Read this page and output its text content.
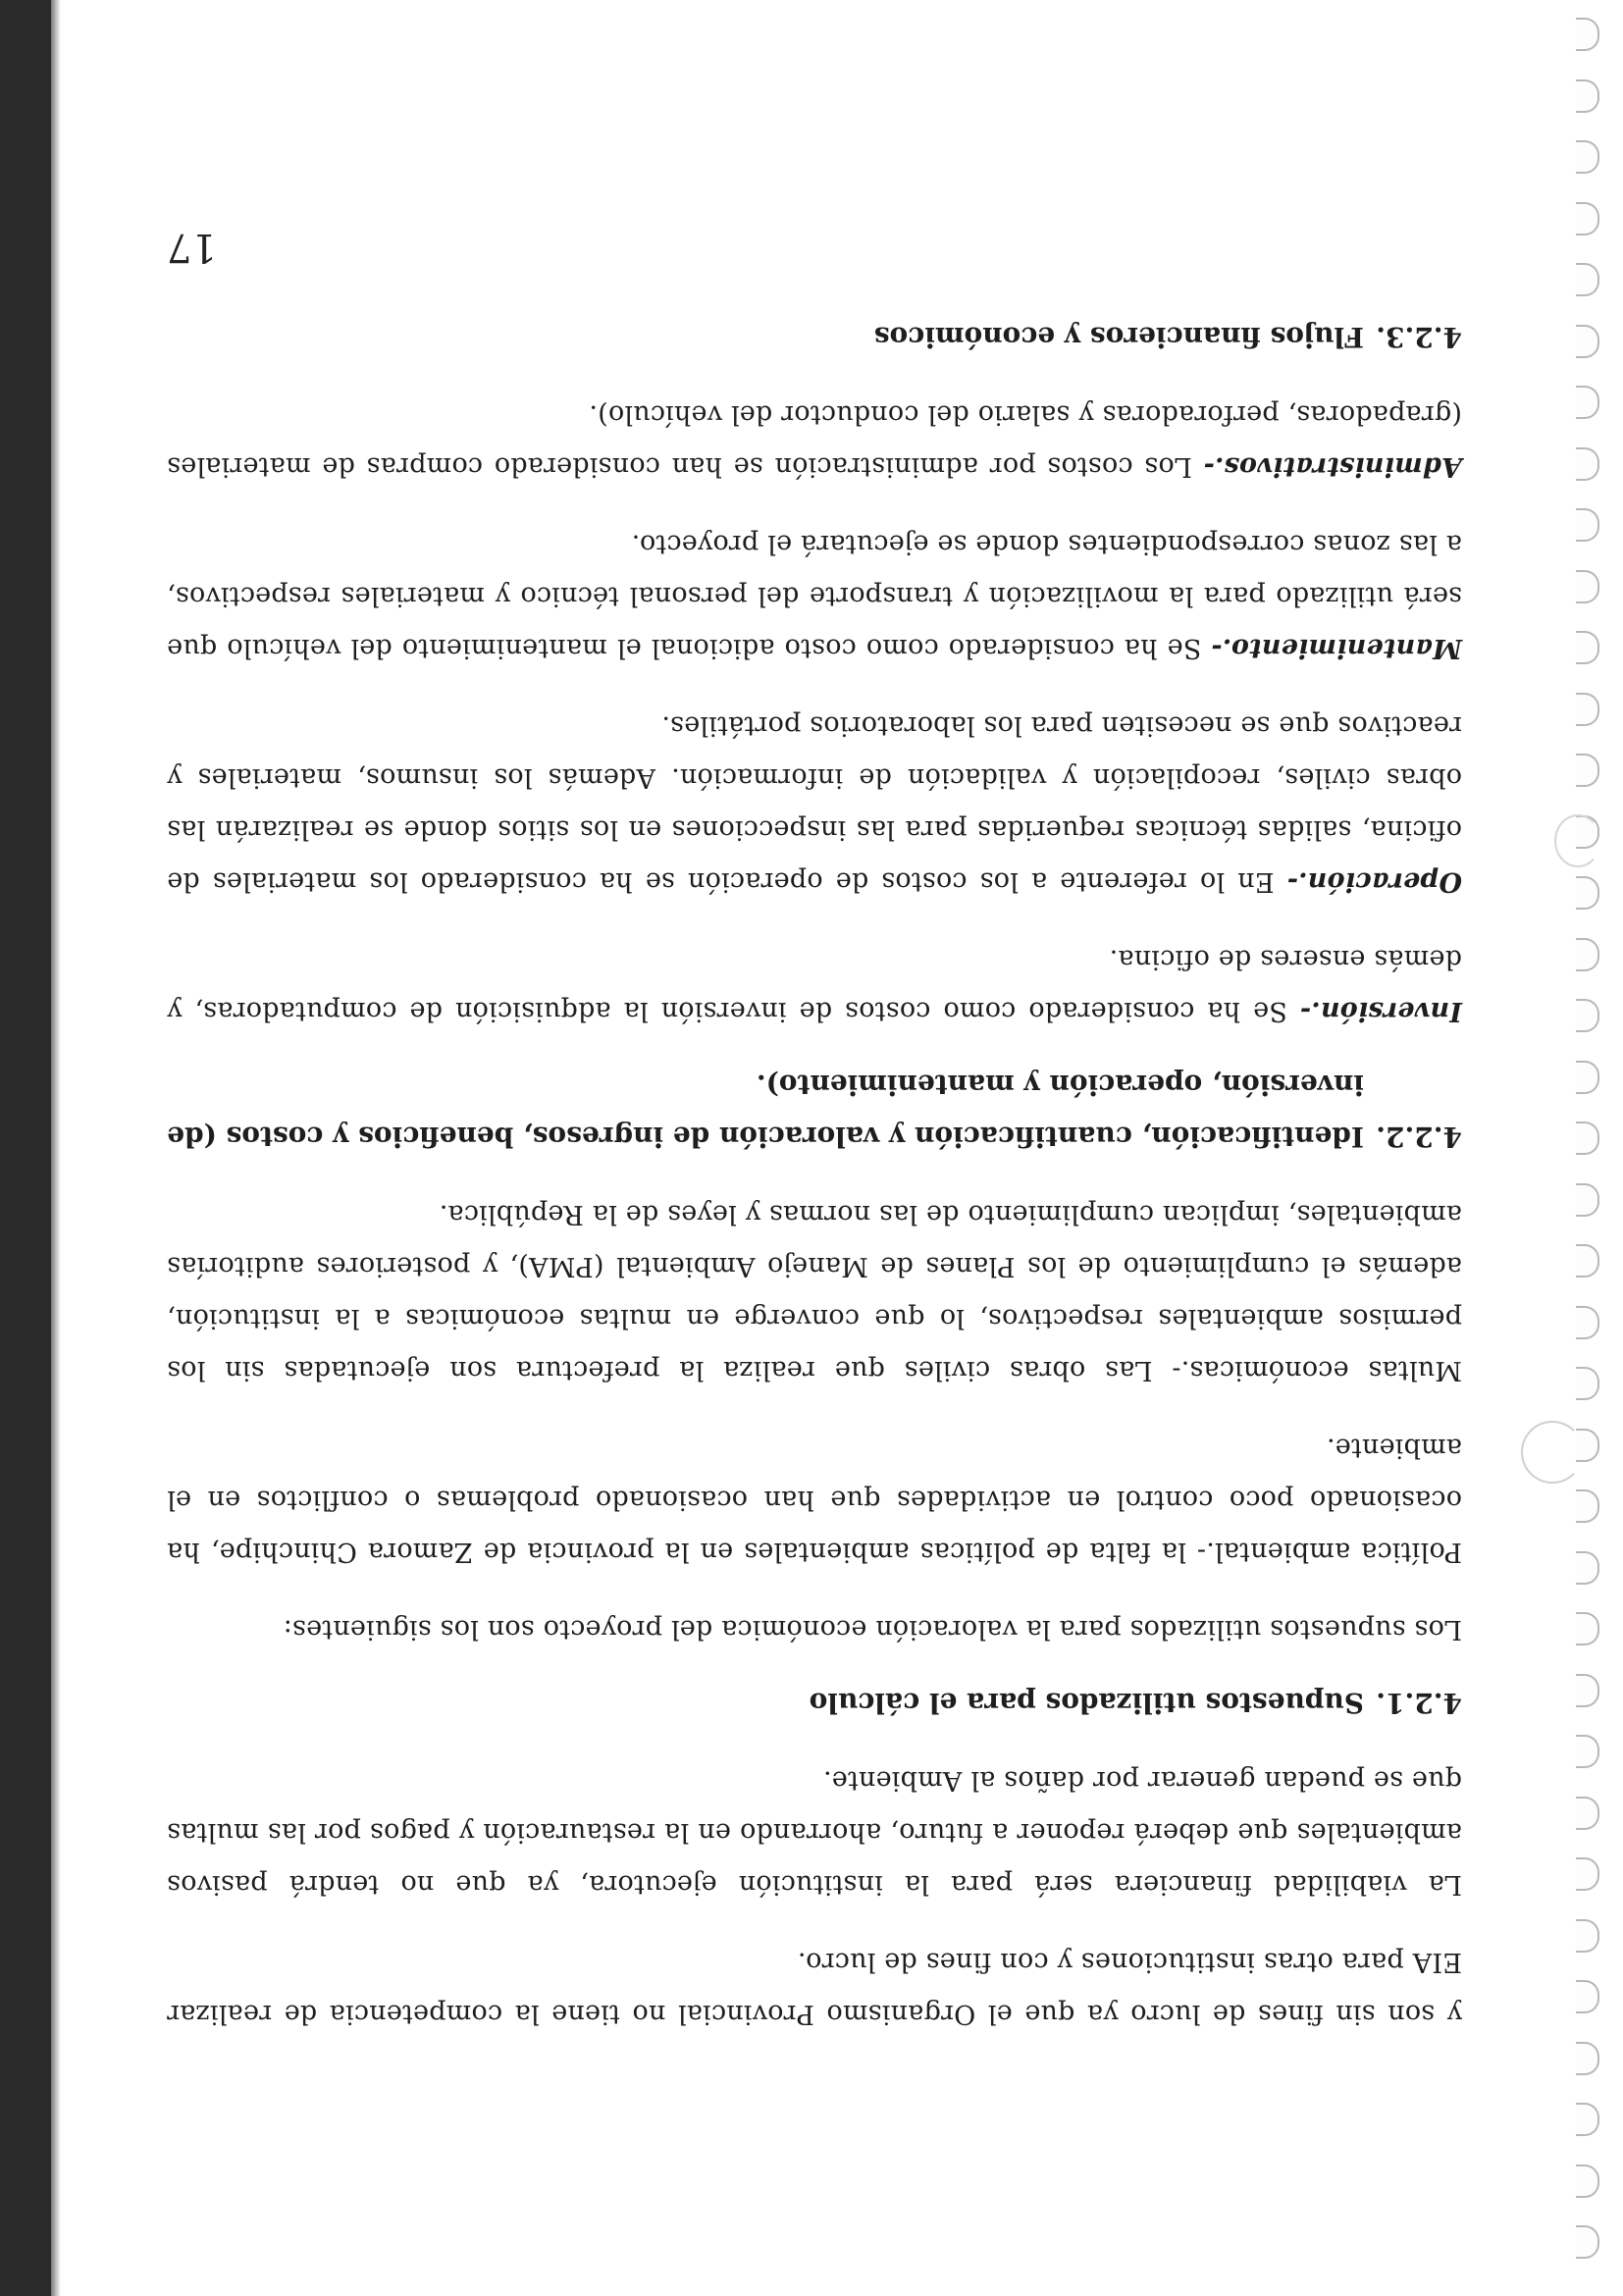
y son sin fines de lucro ya que el Organismo Provincial no tiene la competencia de realizar EIA para otras instituciones y con fines de lucro.

La viabilidad financiera será para la institución ejecutora, ya que no tendrá pasivos ambientales que deberá reponer a futuro, ahorrando en la restauración y pagos por las multas que se puedan generar por daños al Ambiente.

4.2.1.Supuestos utilizados para el cálculo

Los supuestos utilizados para la valoración económica del proyecto son los siguientes:

Política ambiental.- la falta de políticas ambientales en la provincia de Zamora Chinchipe, ha ocasionado poco control en actividades que han ocasionado problemas o conflictos en el ambiente.

Multas económicas.- Las obras civiles que realiza la prefectura son ejecutadas sin los permisos ambientales respectivos, lo que converge en multas económicas a la institución, además el cumplimiento de los Planes de Manejo Ambiental (PMA), y posteriores auditorías ambientales, implican cumplimiento de las normas y leyes de la República.

4.2.2.
Identificación, cuantificación y valoración de ingresos, beneficios y costos (de inversión, operación y mantenimiento).

Inversión.- Se ha considerado como costos de inversión la adquisición de computadoras, y demás enseres de oficina.

Operación.- En lo referente a los costos de operación se ha considerado los materiales de oficina, salidas técnicas requeridas para las inspecciones en los sitios donde se realizarán las obras civiles, recopilación y validación de información. Además los insumos, materiales y reactivos que se necesiten para los laboratorios portátiles.

Mantenimiento.- Se ha considerado como costo adicional el mantenimiento del vehículo que será utilizado para la movilización y transporte del personal técnico y materiales respectivos, a las zonas correspondientes donde se ejecutará el proyecto.

Administrativos.- Los costos por administración se han considerado compras de materiales (grapadoras, perforadoras y salario del conductor del vehículo).

4.2.3.Flujos financieros y económicos
17
